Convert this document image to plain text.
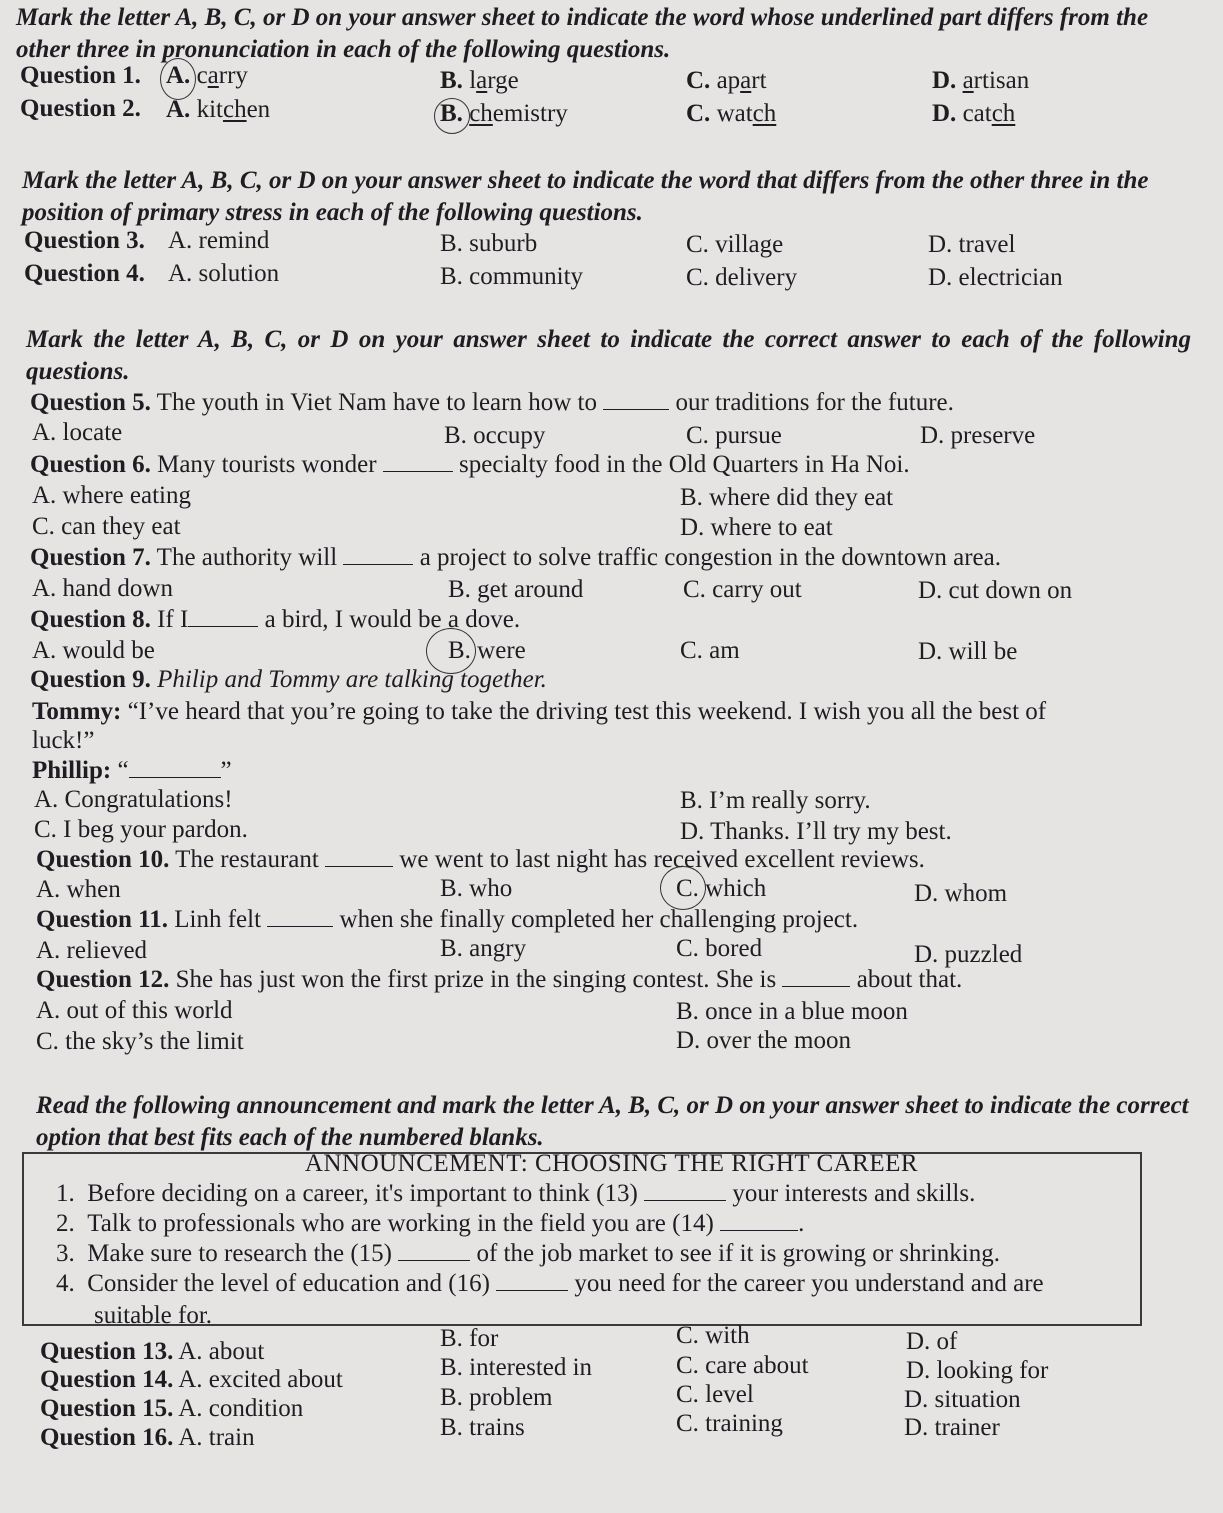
Mark the letter A, B, C, or D on your answer sheet to indicate the word whose underlined part differs from the other three in pronunciation in each of the following questions.
Question 1. A. carry	B. large	C. apart	D. artisan
Question 2. A. kitchen	B. chemistry	C. watch	D. catch
Mark the letter A, B, C, or D on your answer sheet to indicate the word that differs from the other three in the position of primary stress in each of the following questions.
Question 3. A. remind	B. suburb	C. village	D. travel
Question 4. A. solution	B. community	C. delivery	D. electrician
Mark the letter A, B, C, or D on your answer sheet to indicate the correct answer to each of the following questions.
Question 5. The youth in Viet Nam have to learn how to	our traditions for the future.
A. locate	B. occupy	C. pursue	D. preserve
Question 6. Many tourists wonder	specialty food in the Old Quarters in Ha Noi.
A. where eating	B. where did they eat
C. can they eat	D. where to eat
Question 7. The authority will	a project to solve traffic congestion in the downtown area.
A. hand down	B. get around	C. carry out	D. cut down on
Question 8. If I	a bird, I would be a dove.
A. would be	B. were	C. am	D. will be
Question 9. Philip and Tommy are talking together.
Tommy: “I’ve heard that you’re going to take the driving test this weekend. I wish you all the best of
luck!”
Phillip: “	”
A. Congratulations!	B. I’m really sorry.
C. I beg your pardon.	D. Thanks. I’ll try my best.
Question 10. The restaurant	we went to last night has received excellent reviews.
A. when	B. who	C. which	D. whom
Question 11. Linh felt	when she finally completed her challenging project.
A. relieved	B. angry	C. bored	D. puzzled
Question 12. She has just won the first prize in the singing contest. She is	about that.
A. out of this world	B. once in a blue moon
C. the sky’s the limit	D. over the moon
Read the following announcement and mark the letter A, B, C, or D on your answer sheet to indicate the correct option that best fits each of the numbered blanks.
ANNOUNCEMENT: CHOOSING THE RIGHT CAREER
1. Before deciding on a career, it's important to think (13)	your interests and skills.
2. Talk to professionals who are working in the field you are (14)	.
3. Make sure to research the (15)	of the job market to see if it is growing or shrinking.
4. Consider the level of education and (16)	you need for the career you understand and are
suitable for.
Question 13. A. about	B. for	C. with	D. of
Question 14. A. excited about	B. interested in	C. care about	D. looking for
Question 15. A. condition	B. problem	C. level	D. situation
Question 16. A. train	B. trains	C. training	D. trainer
